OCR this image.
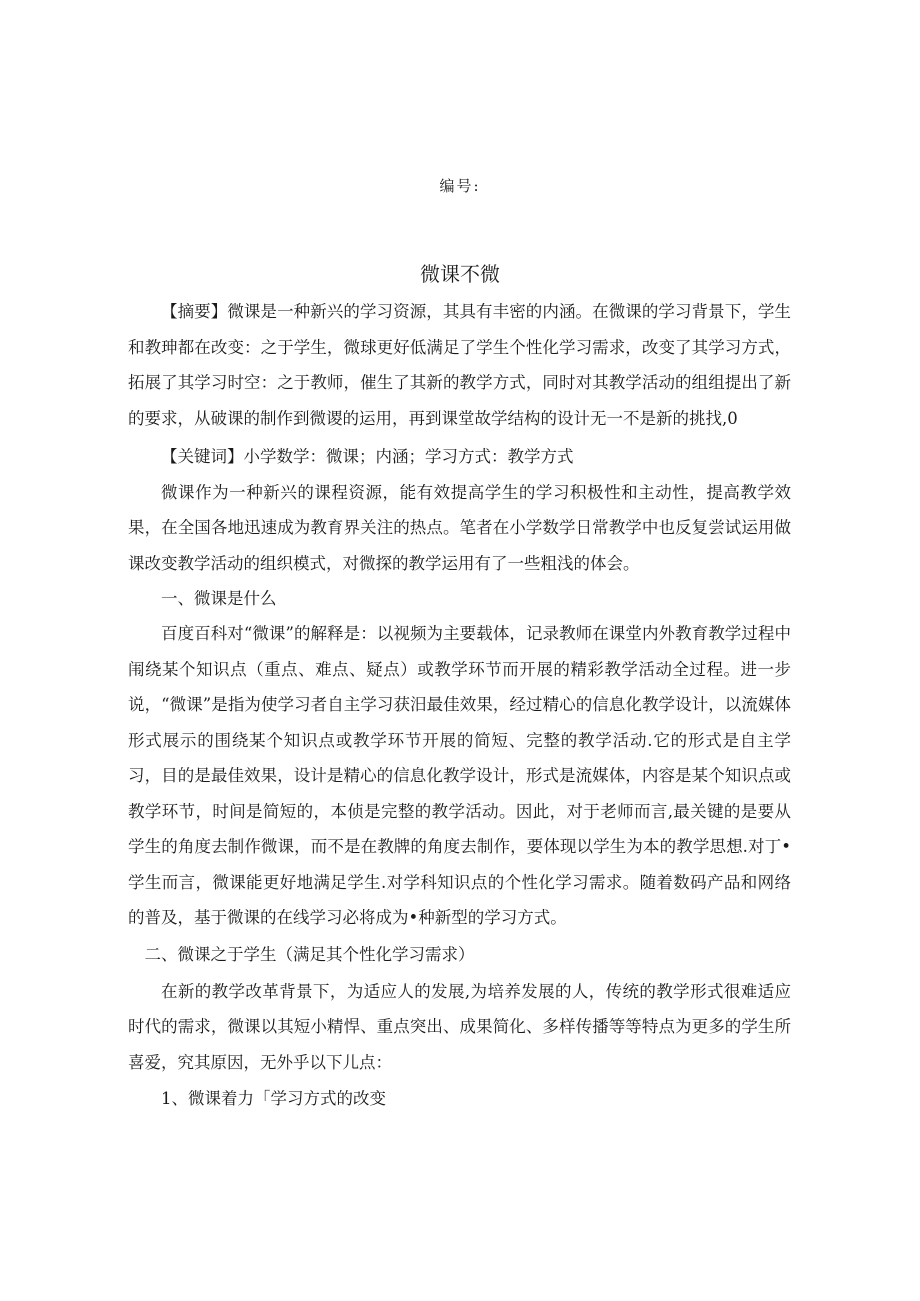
编号:
微课不微

【摘要】微课是一种新兴的学习资源，其具有丰密的内涵。在微课的学习背景下，学生和教珅都在改变：之于学生，微球更好低满足了学生个性化学习需求，改变了其学习方式，拓展了其学习时空：之于教师，催生了其新的教学方式，同时对其教学活动的组组提出了新的要求，从破课的制作到微谡的运用，再到课堂故学结构的设计无一不是新的挑找,0

【关键词】小学数学：微课；内涵；学习方式：教学方式

微课作为一种新兴的课程资源，能有效提高学生的学习积极性和主动性，提高教学效果，在全国各地迅速成为教育界关注的热点。笔者在小学数学日常教学中也反复尝试运用做课改变教学活动的组织模式，对微探的教学运用有了一些粗浅的体会。

一、微课是什么

百度百科对“微课”的解释是：以视频为主要载体，记录教师在课堂内外教育教学过程中闱绕某个知识点（重点、难点、疑点）或教学环节而开展的精彩教学活动全过程。进一步说，“微课”是指为使学习者自主学习获汨最佳效果，经过精心的信息化教学设计，以流媒体形式展示的围绕某个知识点或教学环节开展的简短、完整的教学活动.它的形式是自主学习，目的是最佳效果，设计是精心的信息化教学设计，形式是流媒体，内容是某个知识点或教学环节，时间是简短的，本侦是完整的教学活动。因此，对于老师而言,最关键的是要从学生的角度去制作微课，而不是在教牌的角度去制作，要体现以学生为本的教学思想.对丁•学生而言，微课能更好地满足学生.对学科知识点的个性化学习需求。随着数码产品和网络的普及，基于微课的在线学习必将成为•种新型的学习方式。

二、微课之于学生（满足其个性化学习需求）

在新的教学改革背景下，为适应人的发展,为培养发展的人，传统的教学形式很难适应时代的需求，微课以其短小精悍、重点突出、成果简化、多样传播等等特点为更多的学生所喜爱，究其原因，无外乎以下儿点：

1、微课着力「学习方式的改变
